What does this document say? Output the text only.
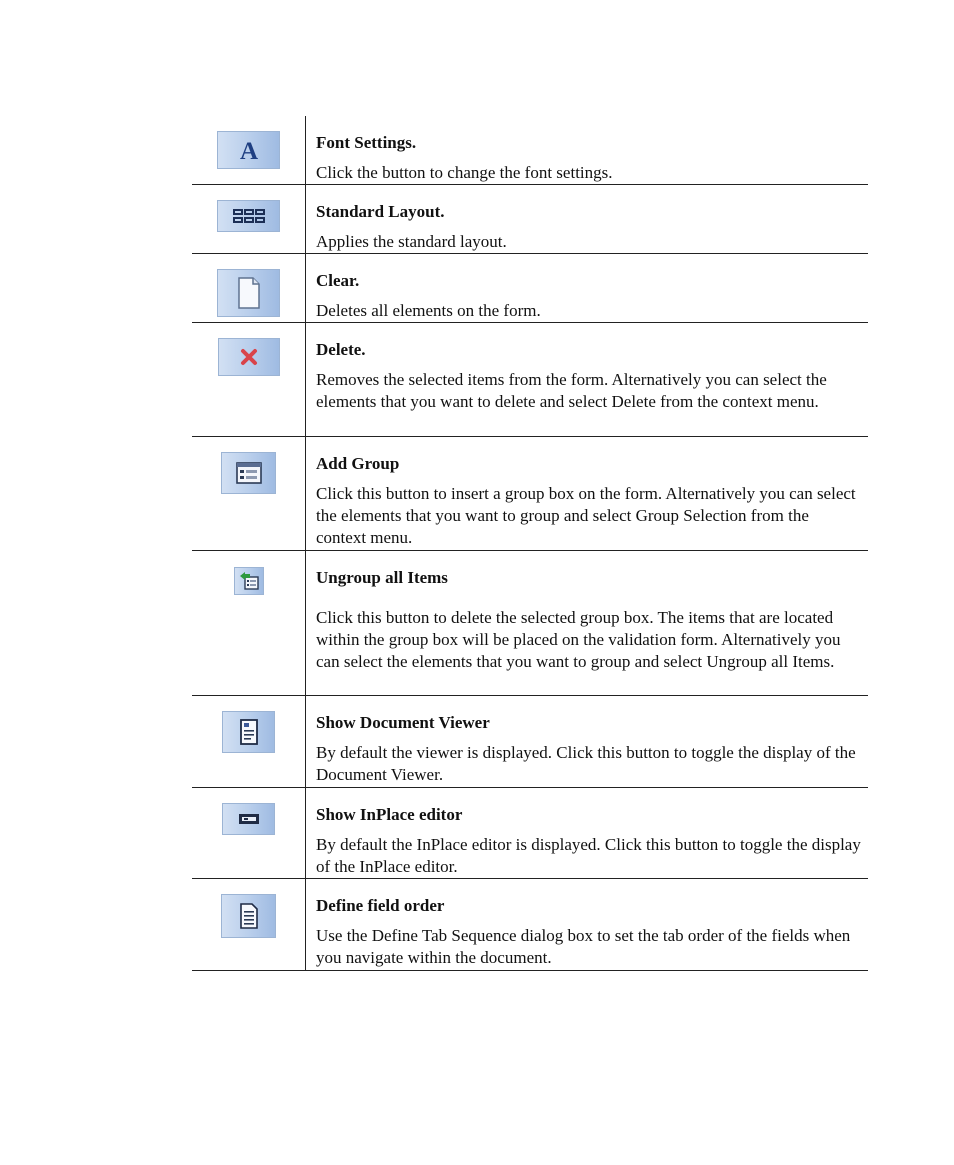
A	Font Settings.
Click the button to change the font settings.
Standard Layout.
Applies the standard layout.
Clear.
Deletes all elements on the form.
Delete.
Removes the selected items from the form. Alternatively you can select the elements that you want to delete and select Delete from the context menu.
Add Group
Click this button to insert a group box on the form. Alternatively you can select the elements that you want to group and select Group Selection from the context menu.
Ungroup all Items
Click this button to delete the selected group box. The items that are located within the group box will be placed on the validation form. Alternatively you can select the elements that you want to group and select Ungroup all Items.
Show Document Viewer
By default the viewer is displayed. Click this button to toggle the display of the Document Viewer.
Show InPlace editor
By default the InPlace editor is displayed. Click this button to toggle the display of the InPlace editor.
Define field order
Use the Define Tab Sequence dialog box to set the tab order of the fields when you navigate within the document.
